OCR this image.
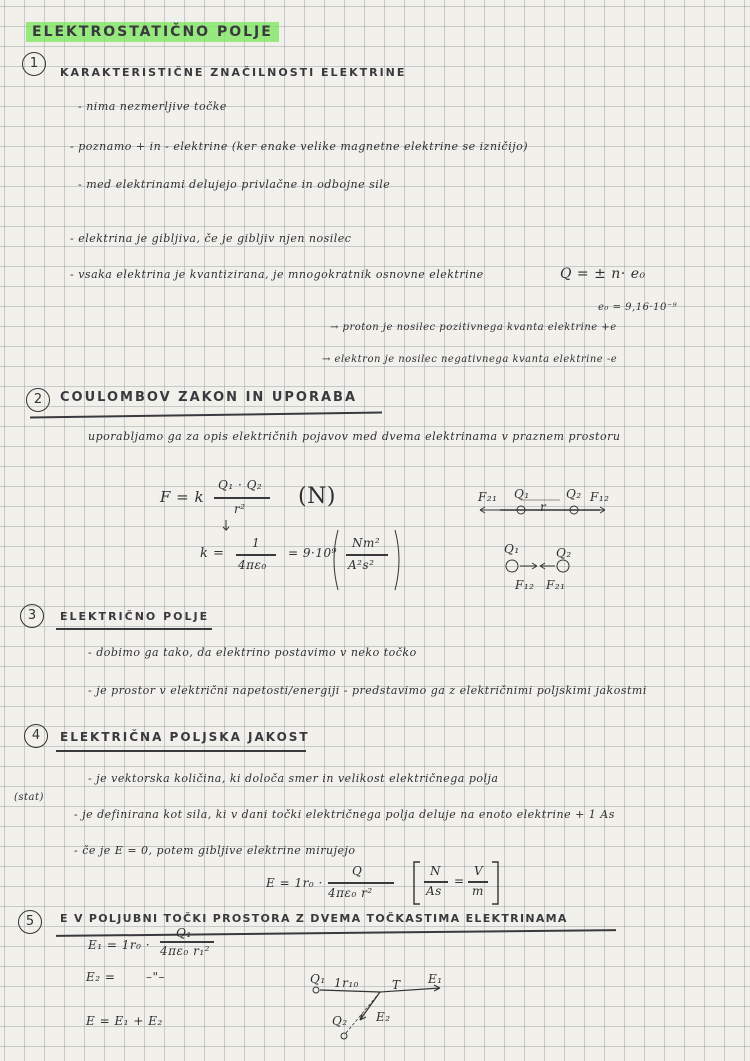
ELEKTROSTATIČNO POLJE
1
KARAKTERISTIČNE ZNAČILNOSTI ELEKTRINE
- nima nezmerljive točke
- poznamo + in - elektrine (ker enake velike magnetne elektrine se izničijo)
- med elektrinami delujejo privlačne in odbojne sile
- elektrina je gibljiva, če je gibljiv njen nosilec
- vsaka elektrina je kvantizirana, je mnogokratnik osnovne elektrine	Q = ± n· e₀
e₀ = 9,16·10⁻⁹
→ proton je nosilec pozitivnega kvanta elektrine +e
→ elektron je nosilec negativnega kvanta elektrine -e
2	COULOMBOV ZAKON IN UPORABA
uporabljamo ga za opis električnih pojavov med dvema elektrinama v praznem prostoru
F = k
Q₁ · Q₂
r² (N)
k =
1
4πε₀
= 9·10⁹
Nm²
A²s²
F₂₁ Q₁
r
Q₂ F₁₂
Q₁	Q₂
F₁₂ F₂₁
3	ELEKTRIČNO POLJE
- dobimo ga tako, da elektrino postavimo v neko točko
- je prostor v električni napetosti/energiji - predstavimo ga z električnimi poljskimi jakostmi
4	ELEKTRIČNA POLJSKA JAKOST
- je vektorska količina, ki določa smer in velikost električnega polja
(stat)
- je definirana kot sila, ki v dani točki električnega polja deluje na enoto elektrine + 1 As
- če je E = 0, potem gibljive elektrine mirujejo
E = 1r₀ ·
Q
4πε₀ r²
N
As
=
V
m
5	E V POLJUBNI TOČKI PROSTORA Z DVEMA TOČKASTIMA ELEKTRINAMA
E₁ = 1r₀ ·
Q₁
4πε₀ r₁²
E₂ =	–"–
E = E₁ + E₂
Q₁ 1r₁₀	T E₁
Q₂ E₂
